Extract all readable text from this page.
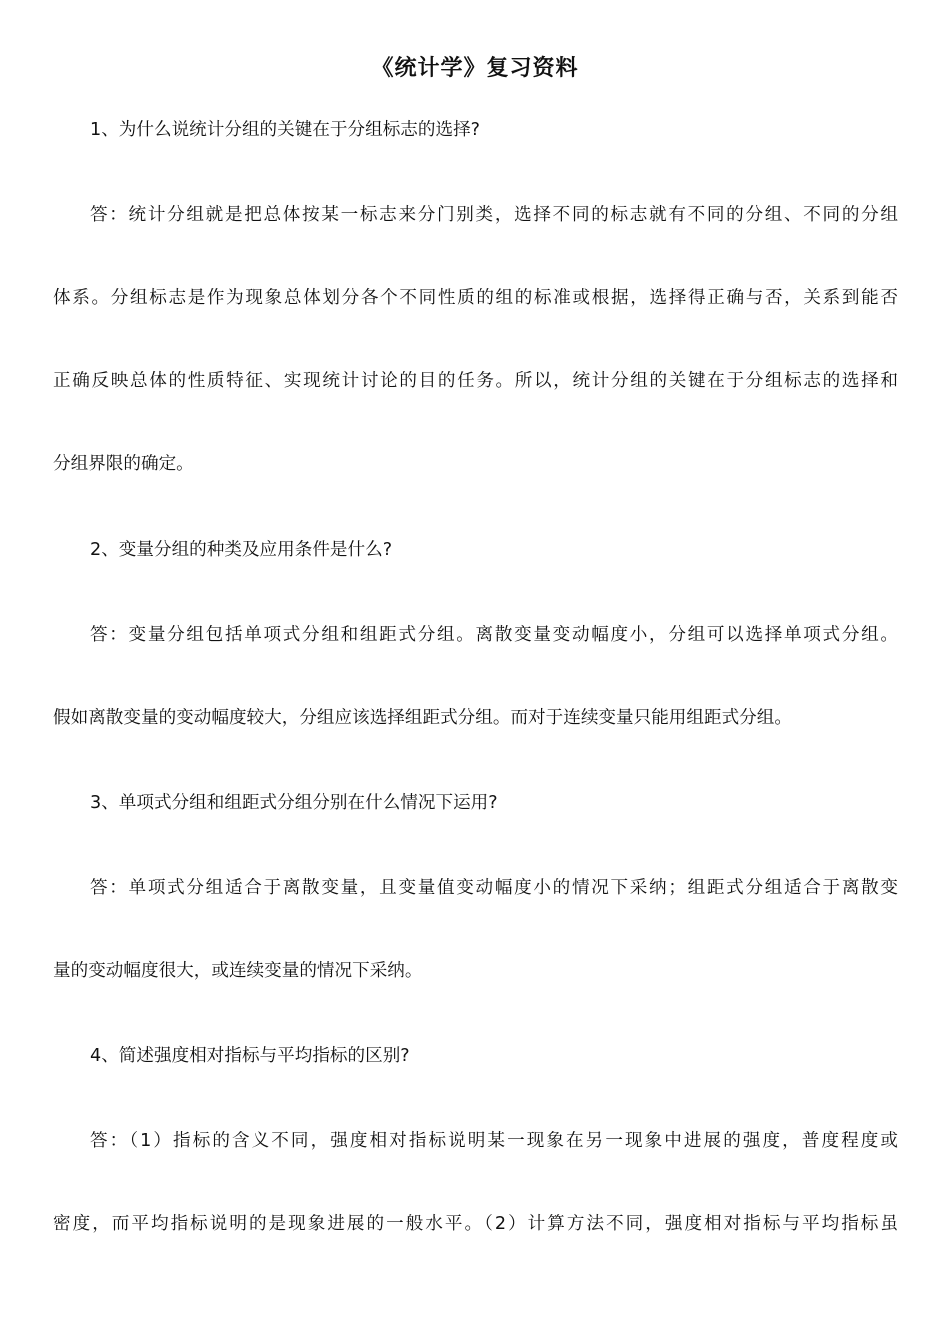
《统计学》复习资料
1、为什么说统计分组的关键在于分组标志的选择?
答：统计分组就是把总体按某一标志来分门别类，选择不同的标志就有不同的分组、不同的分组
体系。分组标志是作为现象总体划分各个不同性质的组的标准或根据，选择得正确与否，关系到能否
正确反映总体的性质特征、实现统计讨论的目的任务。所以，统计分组的关键在于分组标志的选择和
分组界限的确定。
2、变量分组的种类及应用条件是什么?
答：变量分组包括单项式分组和组距式分组。离散变量变动幅度小，分组可以选择单项式分组。
假如离散变量的变动幅度较大，分组应该选择组距式分组。而对于连续变量只能用组距式分组。
3、单项式分组和组距式分组分别在什么情况下运用?
答：单项式分组适合于离散变量，且变量值变动幅度小的情况下采纳；组距式分组适合于离散变
量的变动幅度很大，或连续变量的情况下采纳。
4、简述强度相对指标与平均指标的区别?
答：（1）指标的含义不同，强度相对指标说明某一现象在另一现象中进展的强度，普度程度或
密度，而平均指标说明的是现象进展的一般水平。（2）计算方法不同，强度相对指标与平均指标虽
